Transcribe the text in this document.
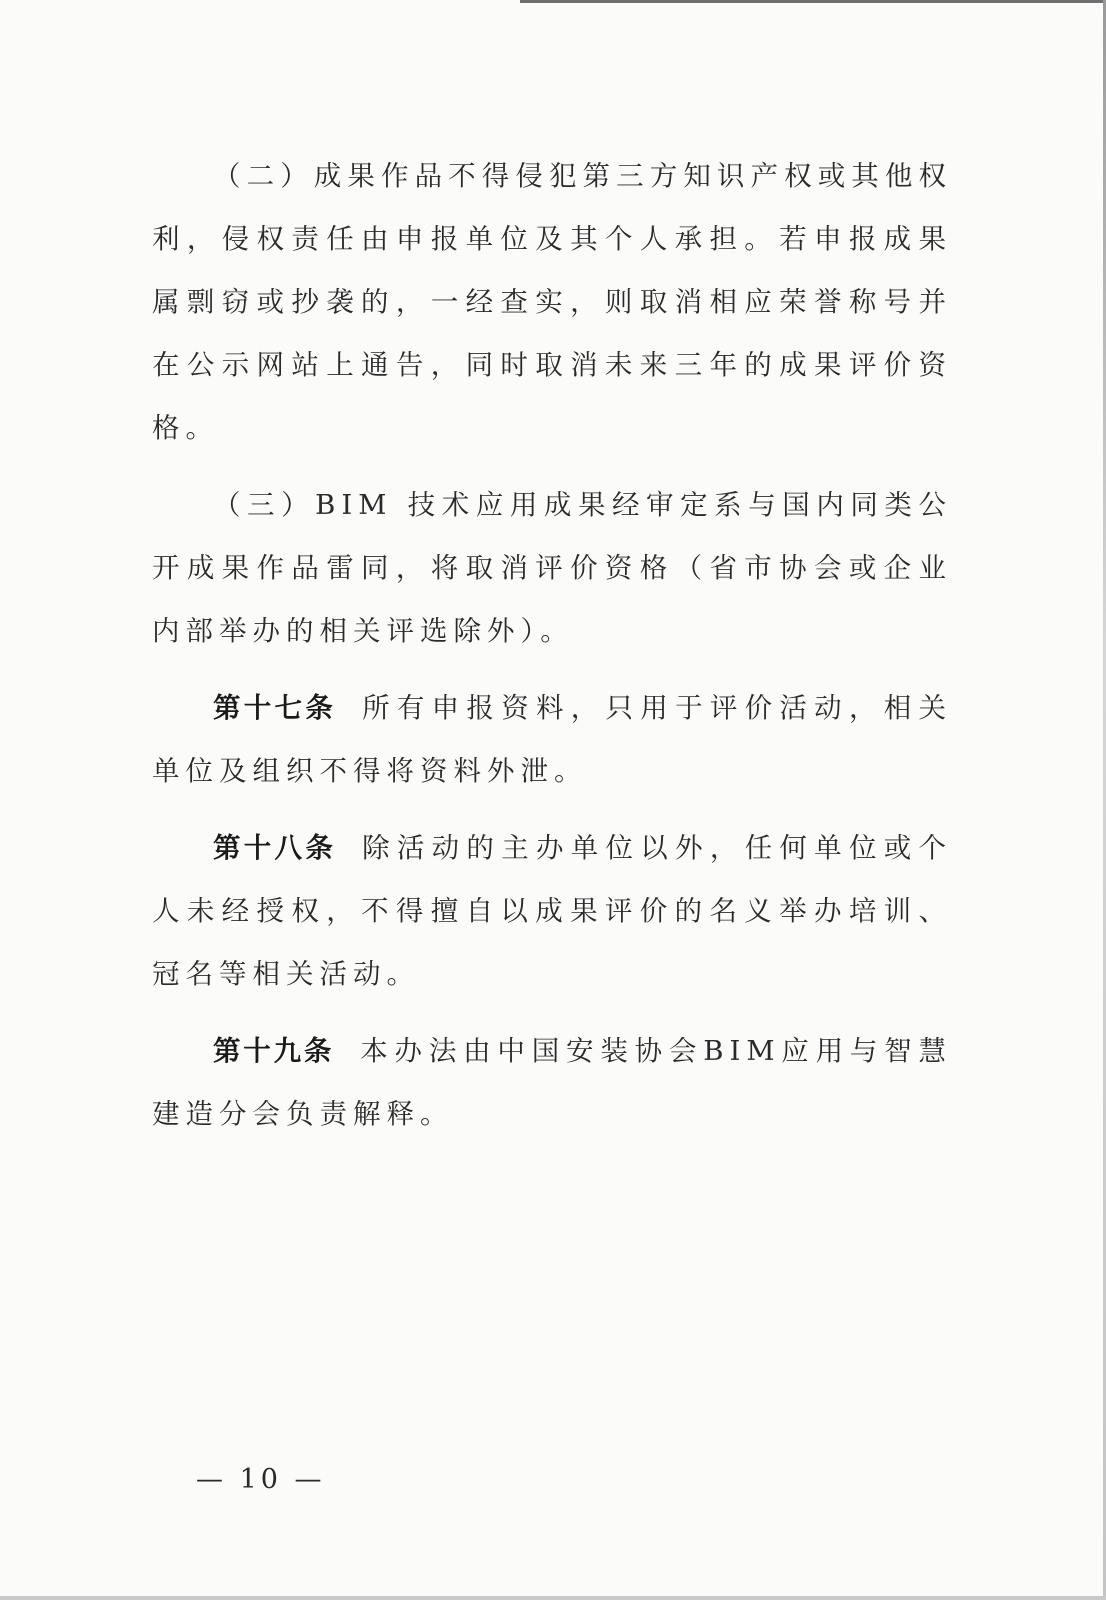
（二）成果作品不得侵犯第三方知识产权或其他权利，侵权责任由申报单位及其个人承担。若申报成果属剽窃或抄袭的，一经查实，则取消相应荣誉称号并在公示网站上通告，同时取消未来三年的成果评价资格。

（三）BIM 技术应用成果经审定系与国内同类公开成果作品雷同，将取消评价资格（省市协会或企业内部举办的相关评选除外）。

第十七条 所有申报资料，只用于评价活动，相关单位及组织不得将资料外泄。

第十八条 除活动的主办单位以外，任何单位或个人未经授权，不得擅自以成果评价的名义举办培训、冠名等相关活动。

第十九条 本办法由中国安装协会BIM应用与智慧建造分会负责解释。

— 10 —
